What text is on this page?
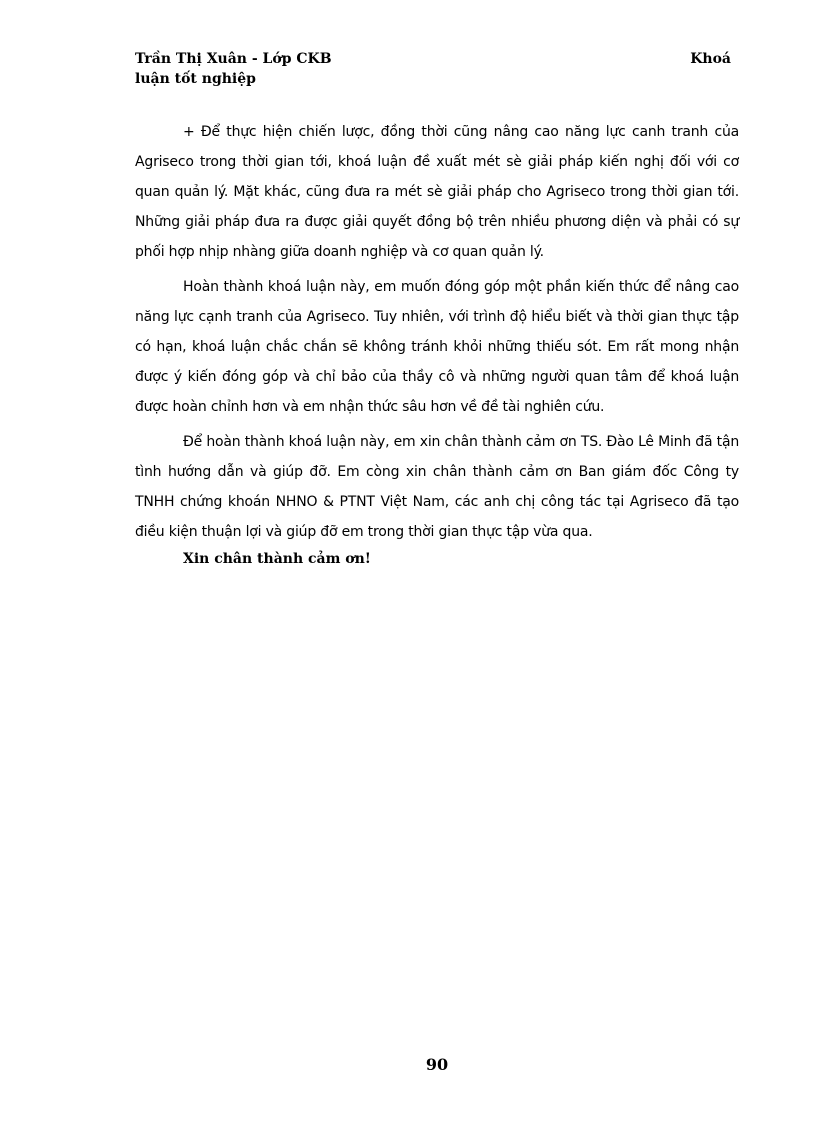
Trần Thị Xuân - Lớp CKB	Khoá
luận tốt nghiệp

+ Để thực hiện chiến lược, đồng thời cũng nâng cao năng lực canh tranh của Agriseco trong thời gian tới, khoá luận đề xuất mét sè giải pháp kiến nghị đối với cơ quan quản lý. Mặt khác, cũng đưa ra mét sè giải pháp cho Agriseco trong thời gian tới. Những giải pháp đưa ra được giải quyết đồng bộ trên nhiều phương diện và phải có sự phối hợp nhịp nhàng giữa doanh nghiệp và cơ quan quản lý.

Hoàn thành khoá luận này, em muốn đóng góp một phần kiến thức để nâng cao năng lực cạnh tranh của Agriseco. Tuy nhiên, với trình độ hiểu biết và thời gian thực tập có hạn, khoá luận chắc chắn sẽ không tránh khỏi những thiếu sót. Em rất mong nhận được ý kiến đóng góp và chỉ bảo của thầy cô và những người quan tâm để khoá luận được hoàn chỉnh hơn và em nhận thức sâu hơn về đề tài nghiên cứu.

Để hoàn thành khoá luận này, em xin chân thành cảm ơn TS. Đào Lê Minh đã tận tình hướng dẫn và giúp đỡ. Em còng xin chân thành cảm ơn Ban giám đốc Công ty TNHH chứng khoán NHNO & PTNT Việt Nam, các anh chị công tác tại Agriseco đã tạo điều kiện thuận lợi và giúp đỡ em trong thời gian thực tập vừa qua.

Xin chân thành cảm ơn!
90
